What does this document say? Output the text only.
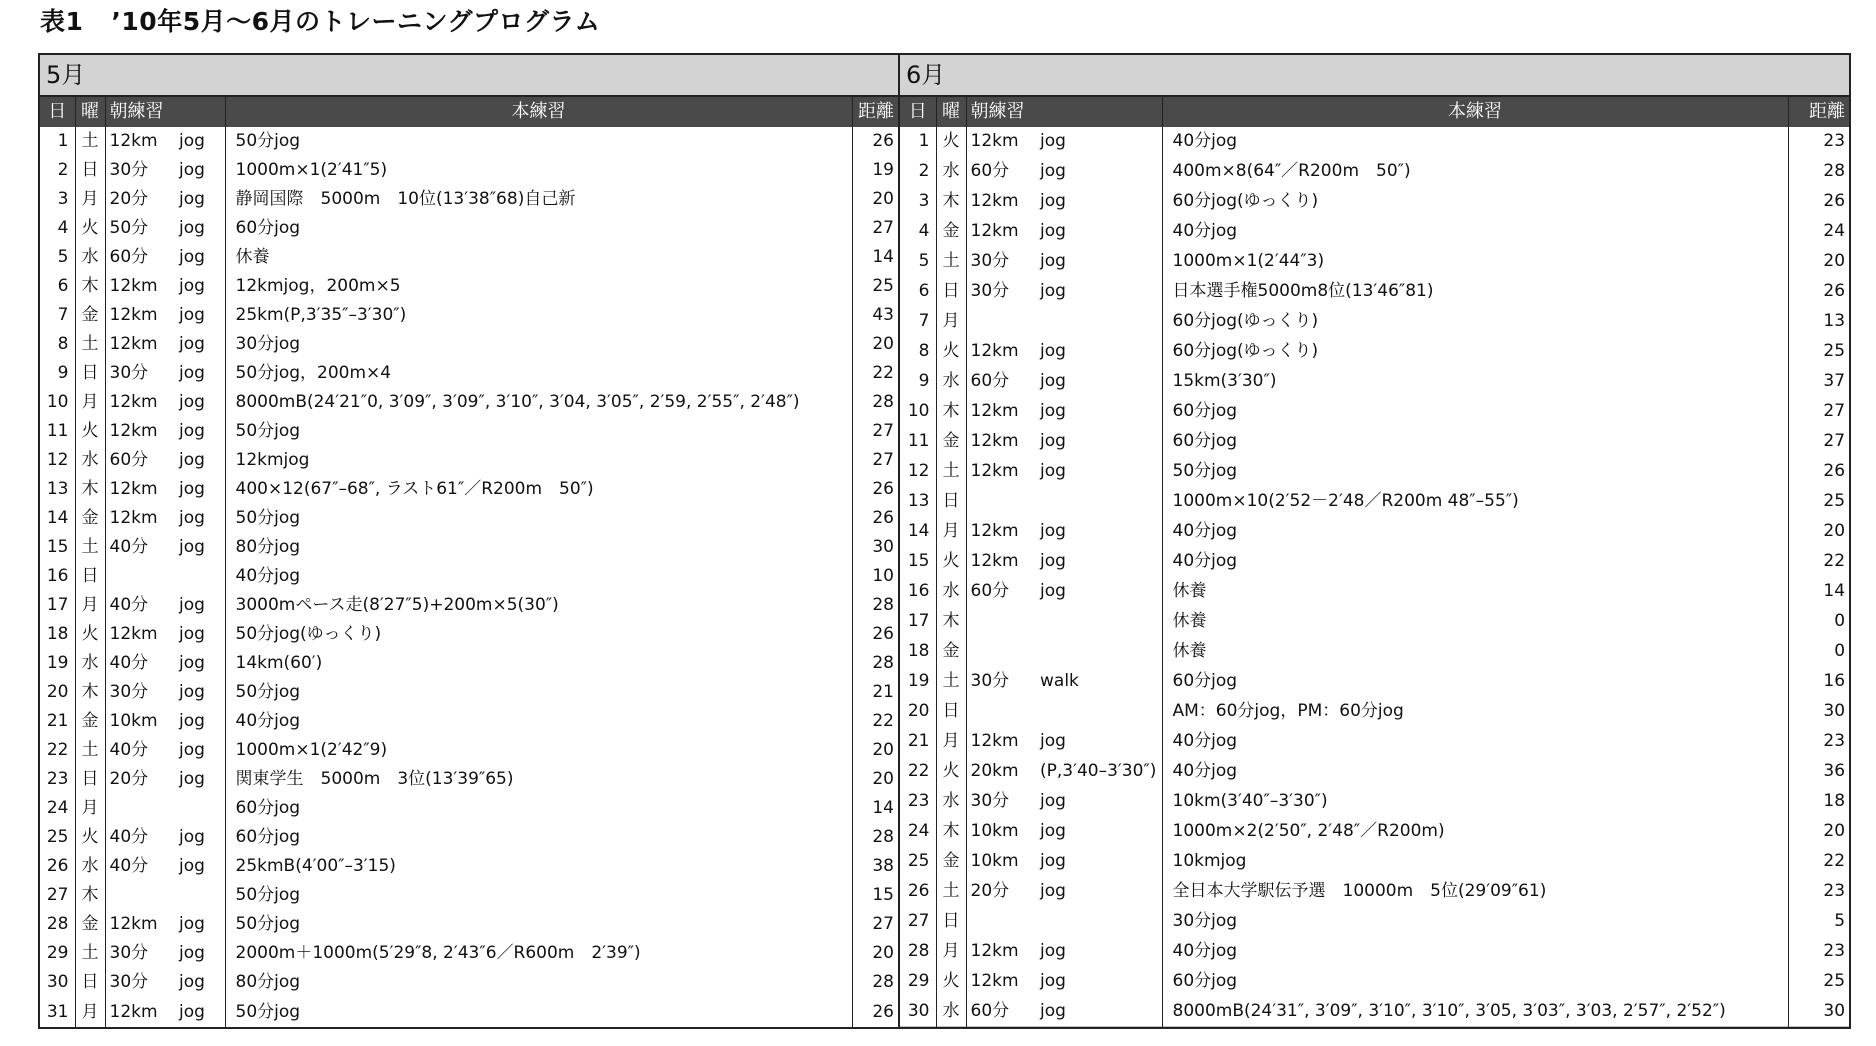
表1 ’10年5月～6月のトレーニングプログラム
5月					
日	曜	朝練習		本練習	距離
1	土	12km	jog	50分jog	26
2	日	30分	jog	1000m×1(2′41″5)	19
3	月	20分	jog	静岡国際　5000m　10位(13′38″68)自己新	20
4	火	50分	jog	60分jog	27
5	水	60分	jog	休養	14
6	木	12km	jog	12kmjog，200m×5	25
7	金	12km	jog	25km(P,3′35″–3′30″)	43
8	土	12km	jog	30分jog	20
9	日	30分	jog	50分jog，200m×4	22
10	月	12km	jog	8000mB(24′21″0, 3′09″, 3′09″, 3′10″, 3′04, 3′05″, 2′59, 2′55″, 2′48″)	28
11	火	12km	jog	50分jog	27
12	水	60分	jog	12kmjog	27
13	木	12km	jog	400×12(67″–68″, ラスト61″／R200m　50″)	26
14	金	12km	jog	50分jog	26
15	土	40分	jog	80分jog	30
16	日			40分jog	10
17	月	40分	jog	3000mペース走(8′27″5)+200m×5(30″)	28
18	火	12km	jog	50分jog(ゆっくり)	26
19	水	40分	jog	14km(60′)	28
20	木	30分	jog	50分jog	21
21	金	10km	jog	40分jog	22
22	土	40分	jog	1000m×1(2′42″9)	20
23	日	20分	jog	関東学生　5000m　3位(13′39″65)	20
24	月			60分jog	14
25	火	40分	jog	60分jog	28
26	水	40分	jog	25kmB(4′00″–3′15)	38
27	木			50分jog	15
28	金	12km	jog	50分jog	27
29	土	30分	jog	2000m＋1000m(5′29″8, 2′43″6／R600m　2′39″)	20
30	日	30分	jog	80分jog	28
31	月	12km	jog	50分jog	26
6月					
日	曜	朝練習		本練習	距離
1	火	12km	jog	40分jog	23
2	水	60分	jog	400m×8(64″／R200m　50″)	28
3	木	12km	jog	60分jog(ゆっくり)	26
4	金	12km	jog	40分jog	24
5	土	30分	jog	1000m×1(2′44″3)	20
6	日	30分	jog	日本選手権5000m8位(13′46″81)	26
7	月			60分jog(ゆっくり)	13
8	火	12km	jog	60分jog(ゆっくり)	25
9	水	60分	jog	15km(3′30″)	37
10	木	12km	jog	60分jog	27
11	金	12km	jog	60分jog	27
12	土	12km	jog	50分jog	26
13	日			1000m×10(2′52－2′48／R200m 48″–55″)	25
14	月	12km	jog	40分jog	20
15	火	12km	jog	40分jog	22
16	水	60分	jog	休養	14
17	木			休養	0
18	金			休養	0
19	土	30分	walk	60分jog	16
20	日			AM：60分jog，PM：60分jog	30
21	月	12km	jog	40分jog	23
22	火	20km	(P,3′40–3′30″)	40分jog	36
23	水	30分	jog	10km(3′40″–3′30″)	18
24	木	10km	jog	1000m×2(2′50″, 2′48″／R200m)	20
25	金	10km	jog	10kmjog	22
26	土	20分	jog	全日本大学駅伝予選　10000m　5位(29′09″61)	23
27	日			30分jog	5
28	月	12km	jog	40分jog	23
29	火	12km	jog	60分jog	25
30	水	60分	jog	8000mB(24′31″, 3′09″, 3′10″, 3′10″, 3′05, 3′03″, 3′03, 2′57″, 2′52″)	30
